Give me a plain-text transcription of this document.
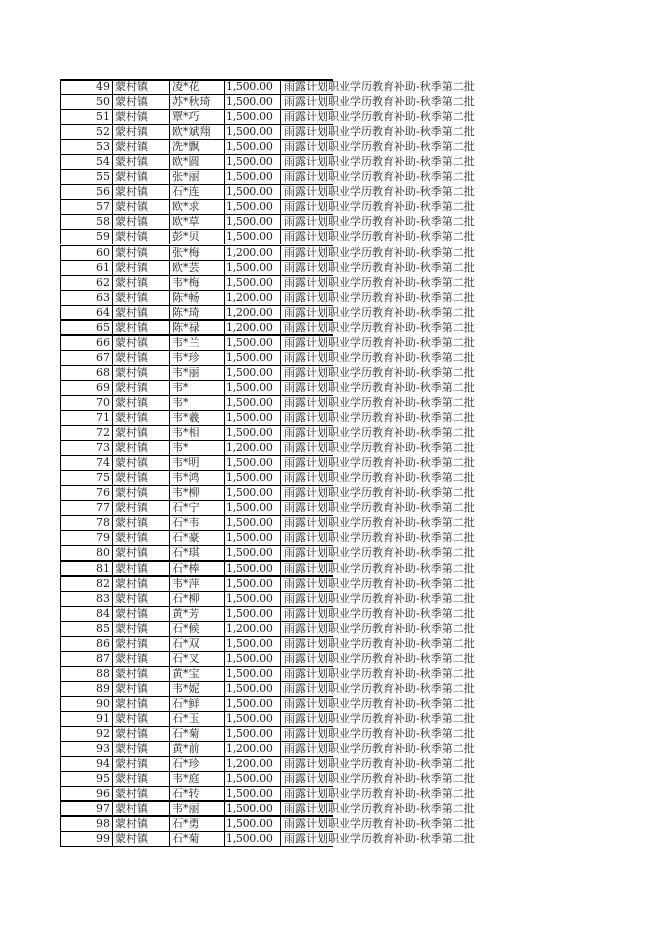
49 蒙村镇	凌*花	1,500.00	雨露计划职业学历教育补助-秋季第二批
50 蒙村镇	苏*秋琦	1,500.00	雨露计划职业学历教育补助-秋季第二批
51 蒙村镇	覃*巧	1,500.00	雨露计划职业学历教育补助-秋季第二批
52 蒙村镇	欧*斌翔	1,500.00	雨露计划职业学历教育补助-秋季第二批
53 蒙村镇	冼*飘	1,500.00	雨露计划职业学历教育补助-秋季第二批
54 蒙村镇	欧*圆	1,500.00	雨露计划职业学历教育补助-秋季第二批
55 蒙村镇	张*丽	1,500.00	雨露计划职业学历教育补助-秋季第二批
56 蒙村镇	石*连	1,500.00	雨露计划职业学历教育补助-秋季第二批
57 蒙村镇	欧*求	1,500.00	雨露计划职业学历教育补助-秋季第二批
58 蒙村镇	欧*草	1,500.00	雨露计划职业学历教育补助-秋季第二批
59 蒙村镇	彭*贝	1,500.00	雨露计划职业学历教育补助-秋季第二批
60 蒙村镇	张*梅	1,200.00	雨露计划职业学历教育补助-秋季第二批
61 蒙村镇	欧*芸	1,500.00	雨露计划职业学历教育补助-秋季第二批
62 蒙村镇	韦*梅	1,500.00	雨露计划职业学历教育补助-秋季第二批
63 蒙村镇	陈*畅	1,200.00	雨露计划职业学历教育补助-秋季第二批
64 蒙村镇	陈*琦	1,200.00	雨露计划职业学历教育补助-秋季第二批
65 蒙村镇	陈*禄	1,200.00	雨露计划职业学历教育补助-秋季第二批
66 蒙村镇	韦*兰	1,500.00	雨露计划职业学历教育补助-秋季第二批
67 蒙村镇	韦*珍	1,500.00	雨露计划职业学历教育补助-秋季第二批
68 蒙村镇	韦*丽	1,500.00	雨露计划职业学历教育补助-秋季第二批
69 蒙村镇	韦*	1,500.00	雨露计划职业学历教育补助-秋季第二批
70 蒙村镇	韦*	1,500.00	雨露计划职业学历教育补助-秋季第二批
71 蒙村镇	韦*羲	1,500.00	雨露计划职业学历教育补助-秋季第二批
72 蒙村镇	韦*相	1,500.00	雨露计划职业学历教育补助-秋季第二批
73 蒙村镇	韦*	1,200.00	雨露计划职业学历教育补助-秋季第二批
74 蒙村镇	韦*明	1,500.00	雨露计划职业学历教育补助-秋季第二批
75 蒙村镇	韦*鸿	1,500.00	雨露计划职业学历教育补助-秋季第二批
76 蒙村镇	韦*柳	1,500.00	雨露计划职业学历教育补助-秋季第二批
77 蒙村镇	石*宁	1,500.00	雨露计划职业学历教育补助-秋季第二批
78 蒙村镇	石*韦	1,500.00	雨露计划职业学历教育补助-秋季第二批
79 蒙村镇	石*豪	1,500.00	雨露计划职业学历教育补助-秋季第二批
80 蒙村镇	石*琪	1,500.00	雨露计划职业学历教育补助-秋季第二批
81 蒙村镇	石*棒	1,500.00	雨露计划职业学历教育补助-秋季第二批
82 蒙村镇	韦*萍	1,500.00	雨露计划职业学历教育补助-秋季第二批
83 蒙村镇	石*柳	1,500.00	雨露计划职业学历教育补助-秋季第二批
84 蒙村镇	黄*芳	1,500.00	雨露计划职业学历教育补助-秋季第二批
85 蒙村镇	石*候	1,200.00	雨露计划职业学历教育补助-秋季第二批
86 蒙村镇	石*双	1,500.00	雨露计划职业学历教育补助-秋季第二批
87 蒙村镇	石*叉	1,500.00	雨露计划职业学历教育补助-秋季第二批
88 蒙村镇	黄*宝	1,500.00	雨露计划职业学历教育补助-秋季第二批
89 蒙村镇	韦*妮	1,500.00	雨露计划职业学历教育补助-秋季第二批
90 蒙村镇	石*鲜	1,500.00	雨露计划职业学历教育补助-秋季第二批
91 蒙村镇	石*玉	1,500.00	雨露计划职业学历教育补助-秋季第二批
92 蒙村镇	石*菊	1,500.00	雨露计划职业学历教育补助-秋季第二批
93 蒙村镇	黄*前	1,200.00	雨露计划职业学历教育补助-秋季第二批
94 蒙村镇	石*珍	1,200.00	雨露计划职业学历教育补助-秋季第二批
95 蒙村镇	韦*庭	1,500.00	雨露计划职业学历教育补助-秋季第二批
96 蒙村镇	石*转	1,500.00	雨露计划职业学历教育补助-秋季第二批
97 蒙村镇	韦*丽	1,500.00	雨露计划职业学历教育补助-秋季第二批
98 蒙村镇	石*勇	1,500.00	雨露计划职业学历教育补助-秋季第二批
99 蒙村镇	石*菊	1,500.00	雨露计划职业学历教育补助-秋季第二批
